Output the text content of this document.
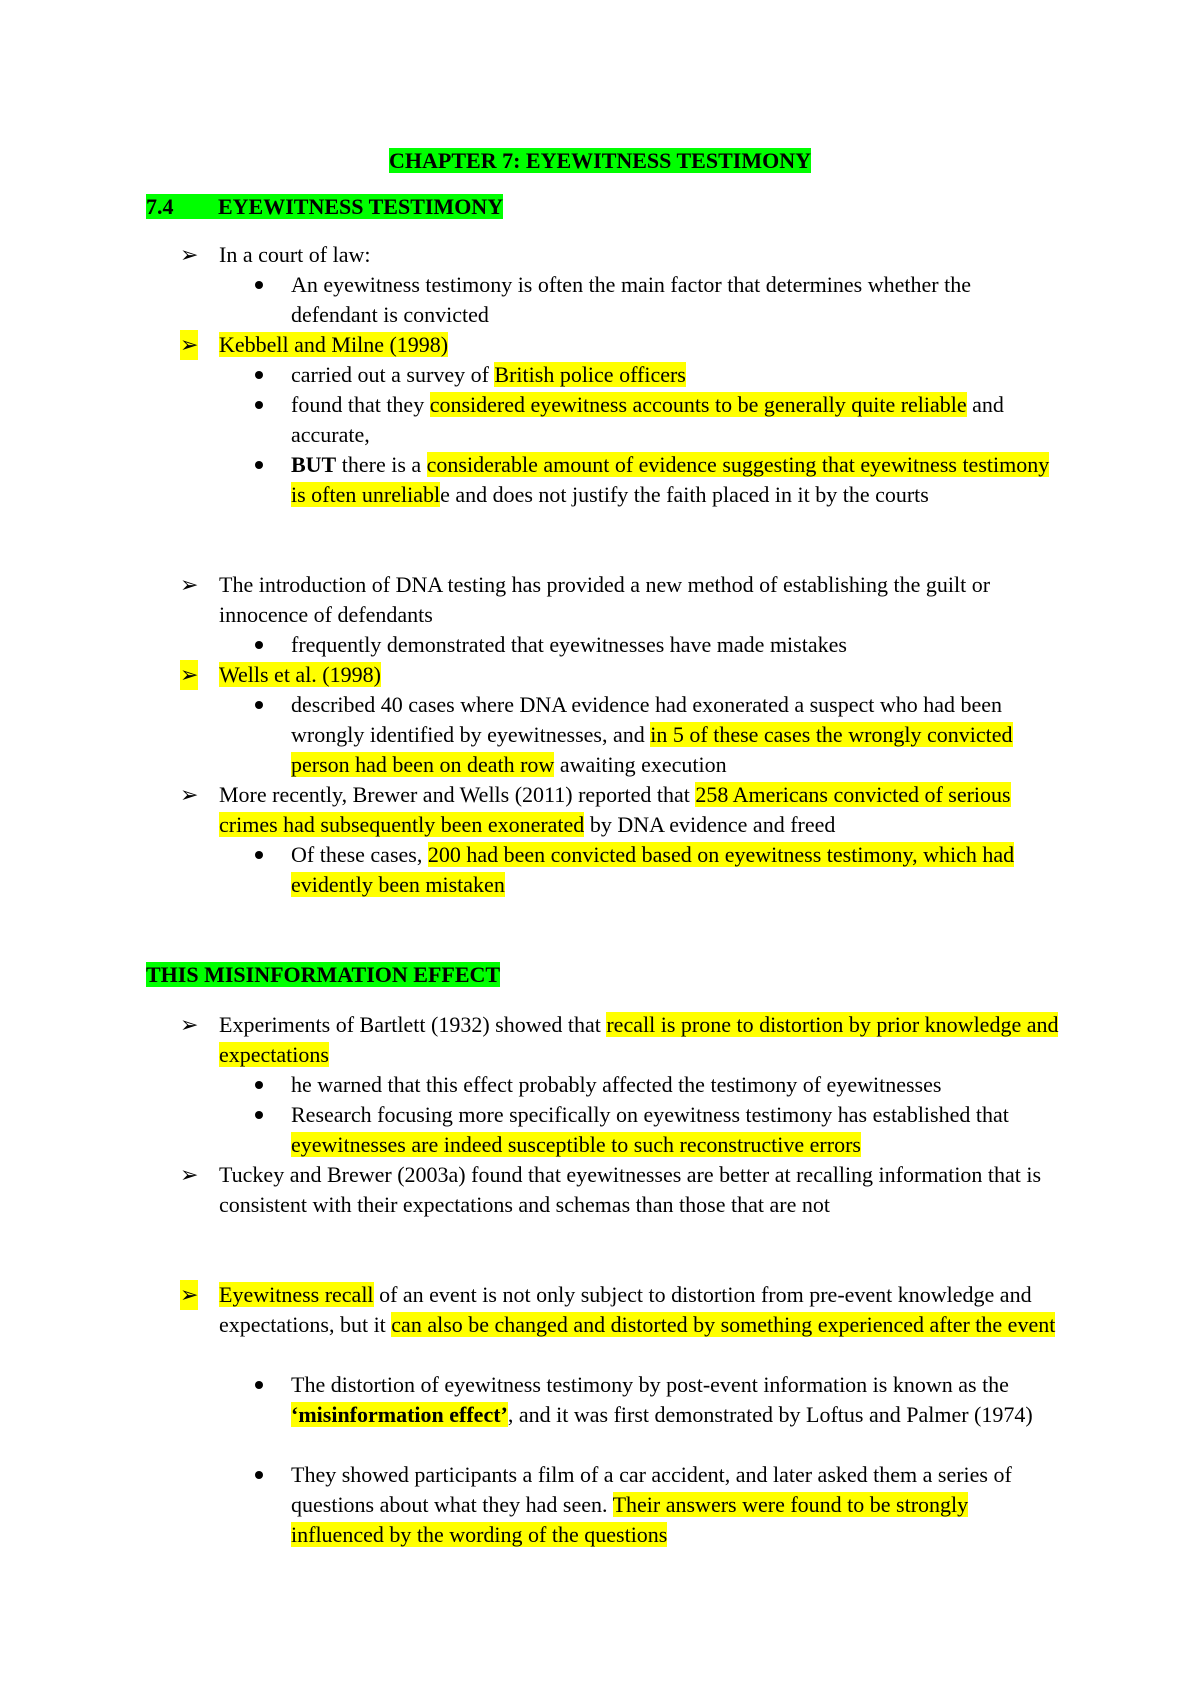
CHAPTER 7: EYEWITNESS TESTIMONY
7.4 EYEWITNESS TESTIMONY
➢ In a court of law:
An eyewitness testimony is often the main factor that determines whether the defendant is convicted
➢ Kebbell and Milne (1998)
carried out a survey of British police officers
found that they considered eyewitness accounts to be generally quite reliable and accurate,
BUT there is a considerable amount of evidence suggesting that eyewitness testimony is often unreliable and does not justify the faith placed in it by the courts
➢ The introduction of DNA testing has provided a new method of establishing the guilt or innocence of defendants
frequently demonstrated that eyewitnesses have made mistakes
➢ Wells et al. (1998)
described 40 cases where DNA evidence had exonerated a suspect who had been wrongly identified by eyewitnesses, and in 5 of these cases the wrongly convicted person had been on death row awaiting execution
➢ More recently, Brewer and Wells (2011) reported that 258 Americans convicted of serious crimes had subsequently been exonerated by DNA evidence and freed
Of these cases, 200 had been convicted based on eyewitness testimony, which had evidently been mistaken
THIS MISINFORMATION EFFECT
➢ Experiments of Bartlett (1932) showed that recall is prone to distortion by prior knowledge and expectations
he warned that this effect probably affected the testimony of eyewitnesses
Research focusing more specifically on eyewitness testimony has established that eyewitnesses are indeed susceptible to such reconstructive errors
➢ Tuckey and Brewer (2003a) found that eyewitnesses are better at recalling information that is consistent with their expectations and schemas than those that are not
➢ Eyewitness recall of an event is not only subject to distortion from pre-event knowledge and expectations, but it can also be changed and distorted by something experienced after the event
The distortion of eyewitness testimony by post-event information is known as the ‘misinformation effect’, and it was first demonstrated by Loftus and Palmer (1974)
They showed participants a film of a car accident, and later asked them a series of questions about what they had seen. Their answers were found to be strongly influenced by the wording of the questions
